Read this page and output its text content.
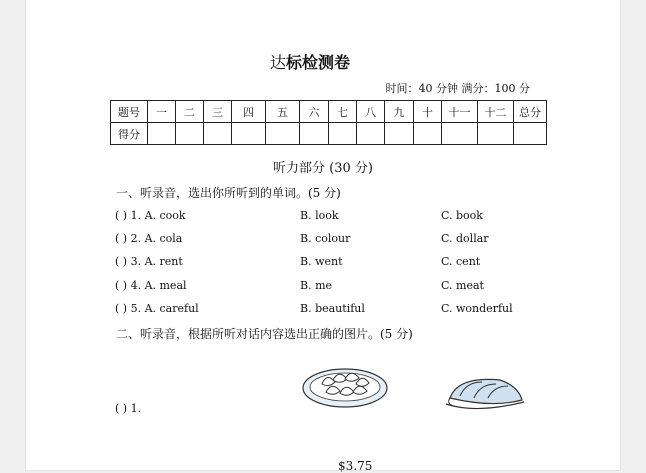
达标检测卷
时间：40 分钟 满分：100 分
题号	一	二	三	四	五	六	七	八	九	十	十一	十二	总分
得分													
听力部分 (30 分)
一、听录音，选出你所听到的单词。(5 分)
( ) 1. A. cook	B. look	C. book
( ) 2. A. cola	B. colour	C. dollar
( ) 3. A. rent	B. went	C. cent
( ) 4. A. meal	B. me	C. meat
( ) 5. A. careful	B. beautiful	C. wonderful
二、听录音，根据所听对话内容选出正确的图片。(5 分)
( ) 1.
$3.75
